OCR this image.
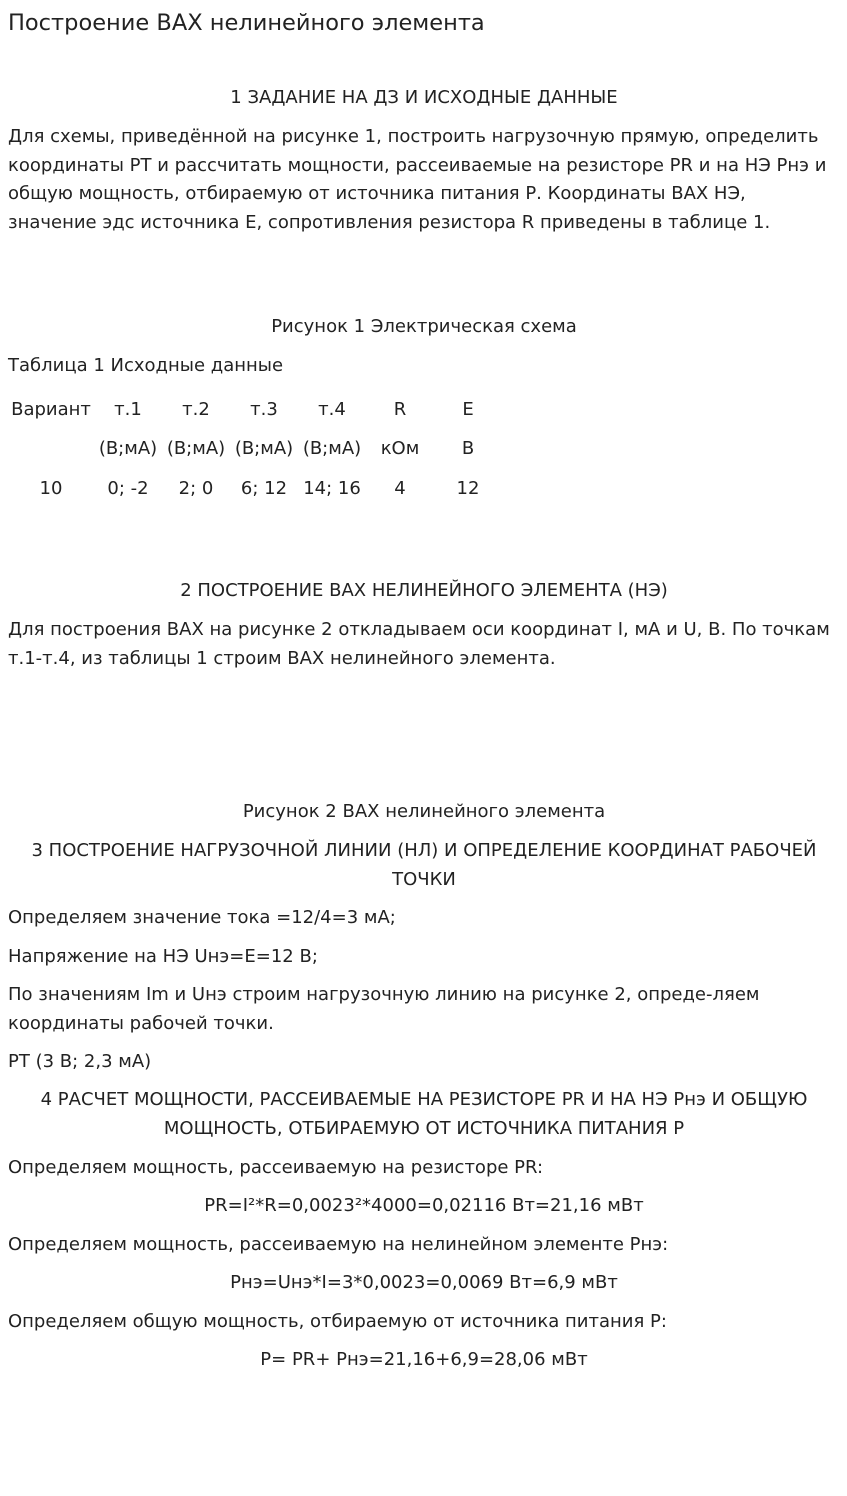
Построение ВАХ нелинейного элемента
1 ЗАДАНИЕ НА ДЗ И ИСХОДНЫЕ ДАННЫЕ
Для схемы, приведённой на рисунке 1, построить нагрузочную прямую, определить координаты РТ и рассчитать мощности, рассеиваемые на резисторе PR и на НЭ Рнэ и общую мощность, отбираемую от источника питания Р. Координаты ВАХ НЭ, значение эдс источника Е, сопротивления резистора R приведены в таблице 1.
Рисунок 1 Электрическая схема
Таблица 1 Исходные данные
Вариант	т.1	т.2	т.3	т.4	R	E
	(В;мА)	(В;мА)	(В;мА)	(В;мА)	кОм	В
10	0; -2	2; 0	6; 12	14; 16	4	12
2 ПОСТРОЕНИЕ ВАХ НЕЛИНЕЙНОГО ЭЛЕМЕНТА (НЭ)
Для построения ВАХ на рисунке 2 откладываем оси координат I, мА и U, В. По точкам т.1-т.4, из таблицы 1 строим ВАХ нелинейного элемента.
Рисунок 2 ВАХ нелинейного элемента
3 ПОСТРОЕНИЕ НАГРУЗОЧНОЙ ЛИНИИ (НЛ) И ОПРЕДЕЛЕНИЕ КООРДИНАТ РАБОЧЕЙ ТОЧКИ
Определяем значение тока =12/4=3 мА;
Напряжение на НЭ Uнэ=Е=12 В;
По значениям Im и Uнэ строим нагрузочную линию на рисунке 2, опреде-ляем координаты рабочей точки.
РТ (3 В; 2,3 мА)
4 РАСЧЕТ МОЩНОСТИ, РАССЕИВАЕМЫЕ НА РЕЗИСТОРЕ PR И НА НЭ Рнэ И ОБЩУЮ МОЩНОСТЬ, ОТБИРАЕМУЮ ОТ ИСТОЧНИКА ПИТАНИЯ Р
Определяем мощность, рассеиваемую на резисторе PR:
PR=I²*R=0,0023²*4000=0,02116 Вт=21,16 мВт
Определяем мощность, рассеиваемую на нелинейном элементе Рнэ:
Рнэ=Uнэ*I=3*0,0023=0,0069 Вт=6,9 мВт
Определяем общую мощность, отбираемую от источника питания Р:
Р= PR+ Рнэ=21,16+6,9=28,06 мВт
